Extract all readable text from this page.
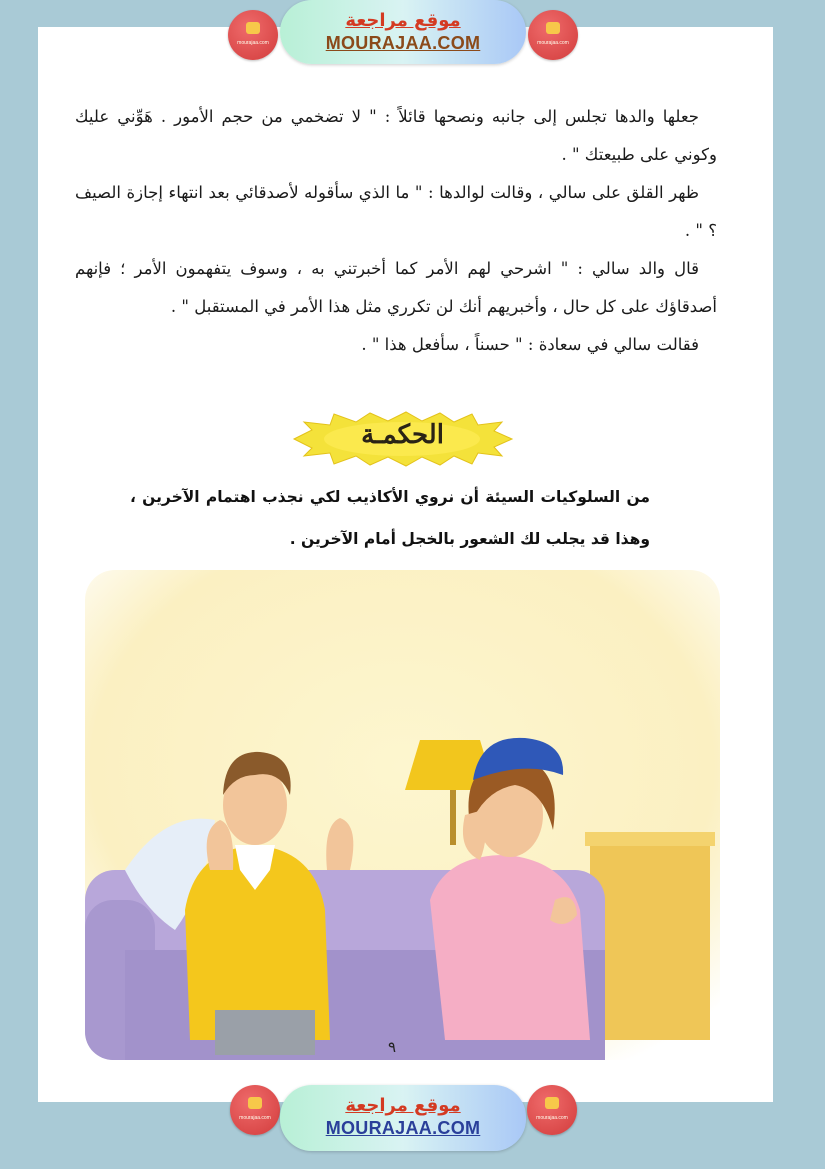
mourajaa.com
موقع مراجعة
MOURAJAA.COM	mourajaa.com

جعلها والدها تجلس إلى جانبه ونصحها قائلاً : " لا تضخمي من حجم الأمور . هَوِّني عليك وكوني على طبيعتك " .

ظهر القلق على سالي ، وقالت لوالدها : " ما الذي سأقوله لأصدقائي بعد انتهاء إجازة الصيف ؟ " .

قال والد سالي : " اشرحي لهم الأمر كما أخبرتني به ، وسوف يتفهمون الأمر ؛ فإنهم أصدقاؤك على كل حال ، وأخبريهم أنك لن تكرري مثل هذا الأمر في المستقبل " .

فقالت سالي في سعادة : " حسناً ، سأفعل هذا " .

الحكمـة
من السلوكيات السيئة أن نروي الأكاذيب لكي نجذب اهتمام الآخرين ، وهذا قد يجلب لك الشعور بالخجل أمام الآخرين .
٩
mourajaa.com
موقع مراجعة
MOURAJAA.COM	mourajaa.com
